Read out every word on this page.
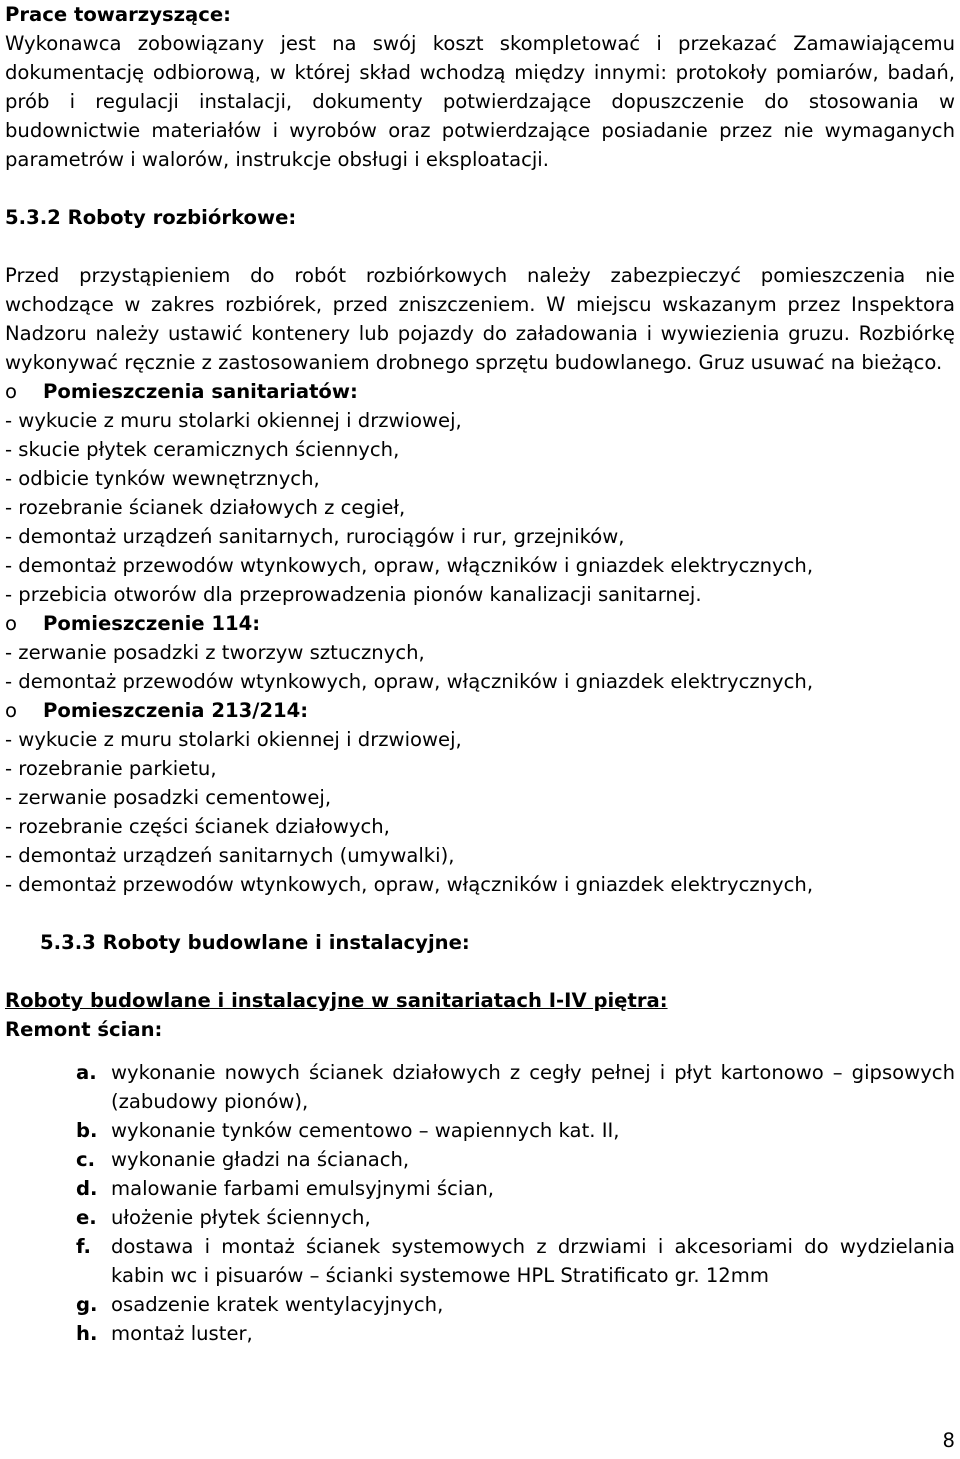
Prace towarzyszące:
Wykonawca zobowiązany jest na swój koszt skompletować i przekazać Zamawiającemu dokumentację odbiorową, w której skład wchodzą między innymi: protokoły pomiarów, badań, prób i regulacji instalacji, dokumenty potwierdzające dopuszczenie do stosowania w budownictwie materiałów i wyrobów oraz potwierdzające posiadanie przez nie wymaganych parametrów i walorów, instrukcje obsługi i eksploatacji.
5.3.2 Roboty rozbiórkowe:
Przed przystąpieniem do robót rozbiórkowych należy zabezpieczyć pomieszczenia nie wchodzące w zakres rozbiórek, przed zniszczeniem. W miejscu wskazanym przez Inspektora Nadzoru należy ustawić kontenery lub pojazdy do załadowania i wywiezienia gruzu. Rozbiórkę wykonywać ręcznie z zastosowaniem drobnego sprzętu budowlanego. Gruz usuwać na bieżąco.
o	Pomieszczenia sanitariatów:
- wykucie z muru stolarki okiennej i drzwiowej,
- skucie płytek ceramicznych ściennych,
- odbicie tynków wewnętrznych,
- rozebranie ścianek działowych z cegieł,
- demontaż urządzeń sanitarnych, rurociągów i rur, grzejników,
- demontaż przewodów wtynkowych, opraw, włączników i gniazdek elektrycznych,
- przebicia otworów dla przeprowadzenia pionów kanalizacji sanitarnej.
o	Pomieszczenie 114:
- zerwanie posadzki z tworzyw sztucznych,
- demontaż przewodów wtynkowych, opraw, włączników i gniazdek elektrycznych,
o	Pomieszczenia 213/214:
- wykucie z muru stolarki okiennej i drzwiowej,
- rozebranie parkietu,
- zerwanie posadzki cementowej,
- rozebranie części ścianek działowych,
- demontaż urządzeń sanitarnych (umywalki),
- demontaż przewodów wtynkowych, opraw, włączników i gniazdek elektrycznych,
5.3.3 Roboty budowlane i instalacyjne:
Roboty budowlane i instalacyjne w sanitariatach I-IV piętra:
Remont ścian:
a. wykonanie nowych ścianek działowych z cegły pełnej i płyt kartonowo – gipsowych (zabudowy pionów),
b. wykonanie tynków cementowo – wapiennych kat. II,
c. wykonanie gładzi na ścianach,
d. malowanie farbami emulsyjnymi ścian,
e. ułożenie płytek ściennych,
f.	dostawa i montaż ścianek systemowych z drzwiami i akcesoriami do wydzielania kabin wc i pisuarów – ścianki systemowe HPL Stratificato gr. 12mm
g. osadzenie kratek wentylacyjnych,
h. montaż luster,
8
